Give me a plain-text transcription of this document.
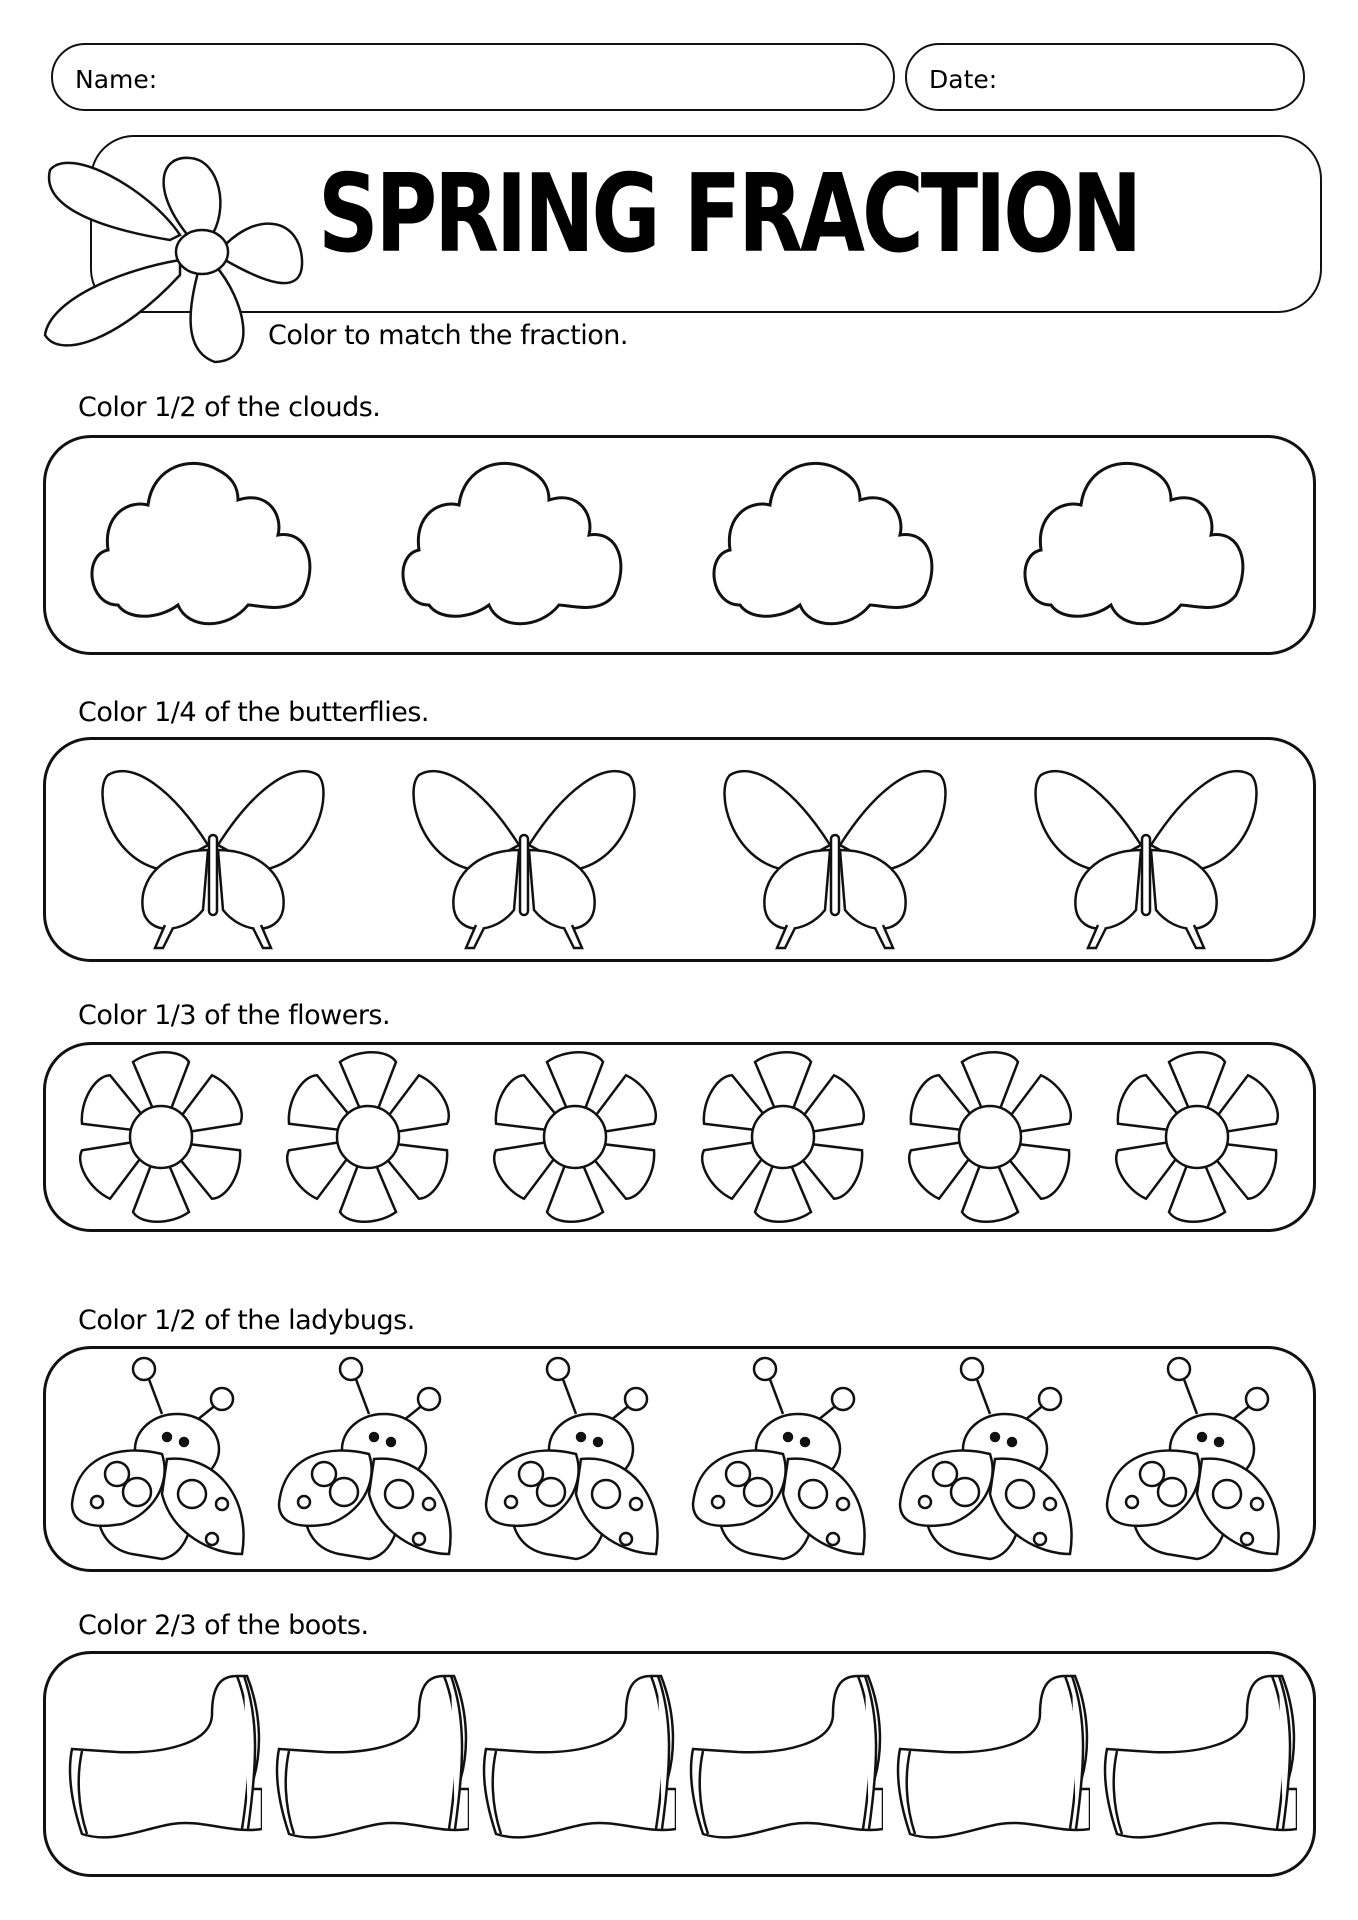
Name:	Date:
SPRING FRACTION
Color to match the fraction.
Color 1/2 of the clouds.
Color 1/4 of the butterflies.
Color 1/3 of the flowers.
Color 1/2 of the ladybugs.
Color 2/3 of the boots.
